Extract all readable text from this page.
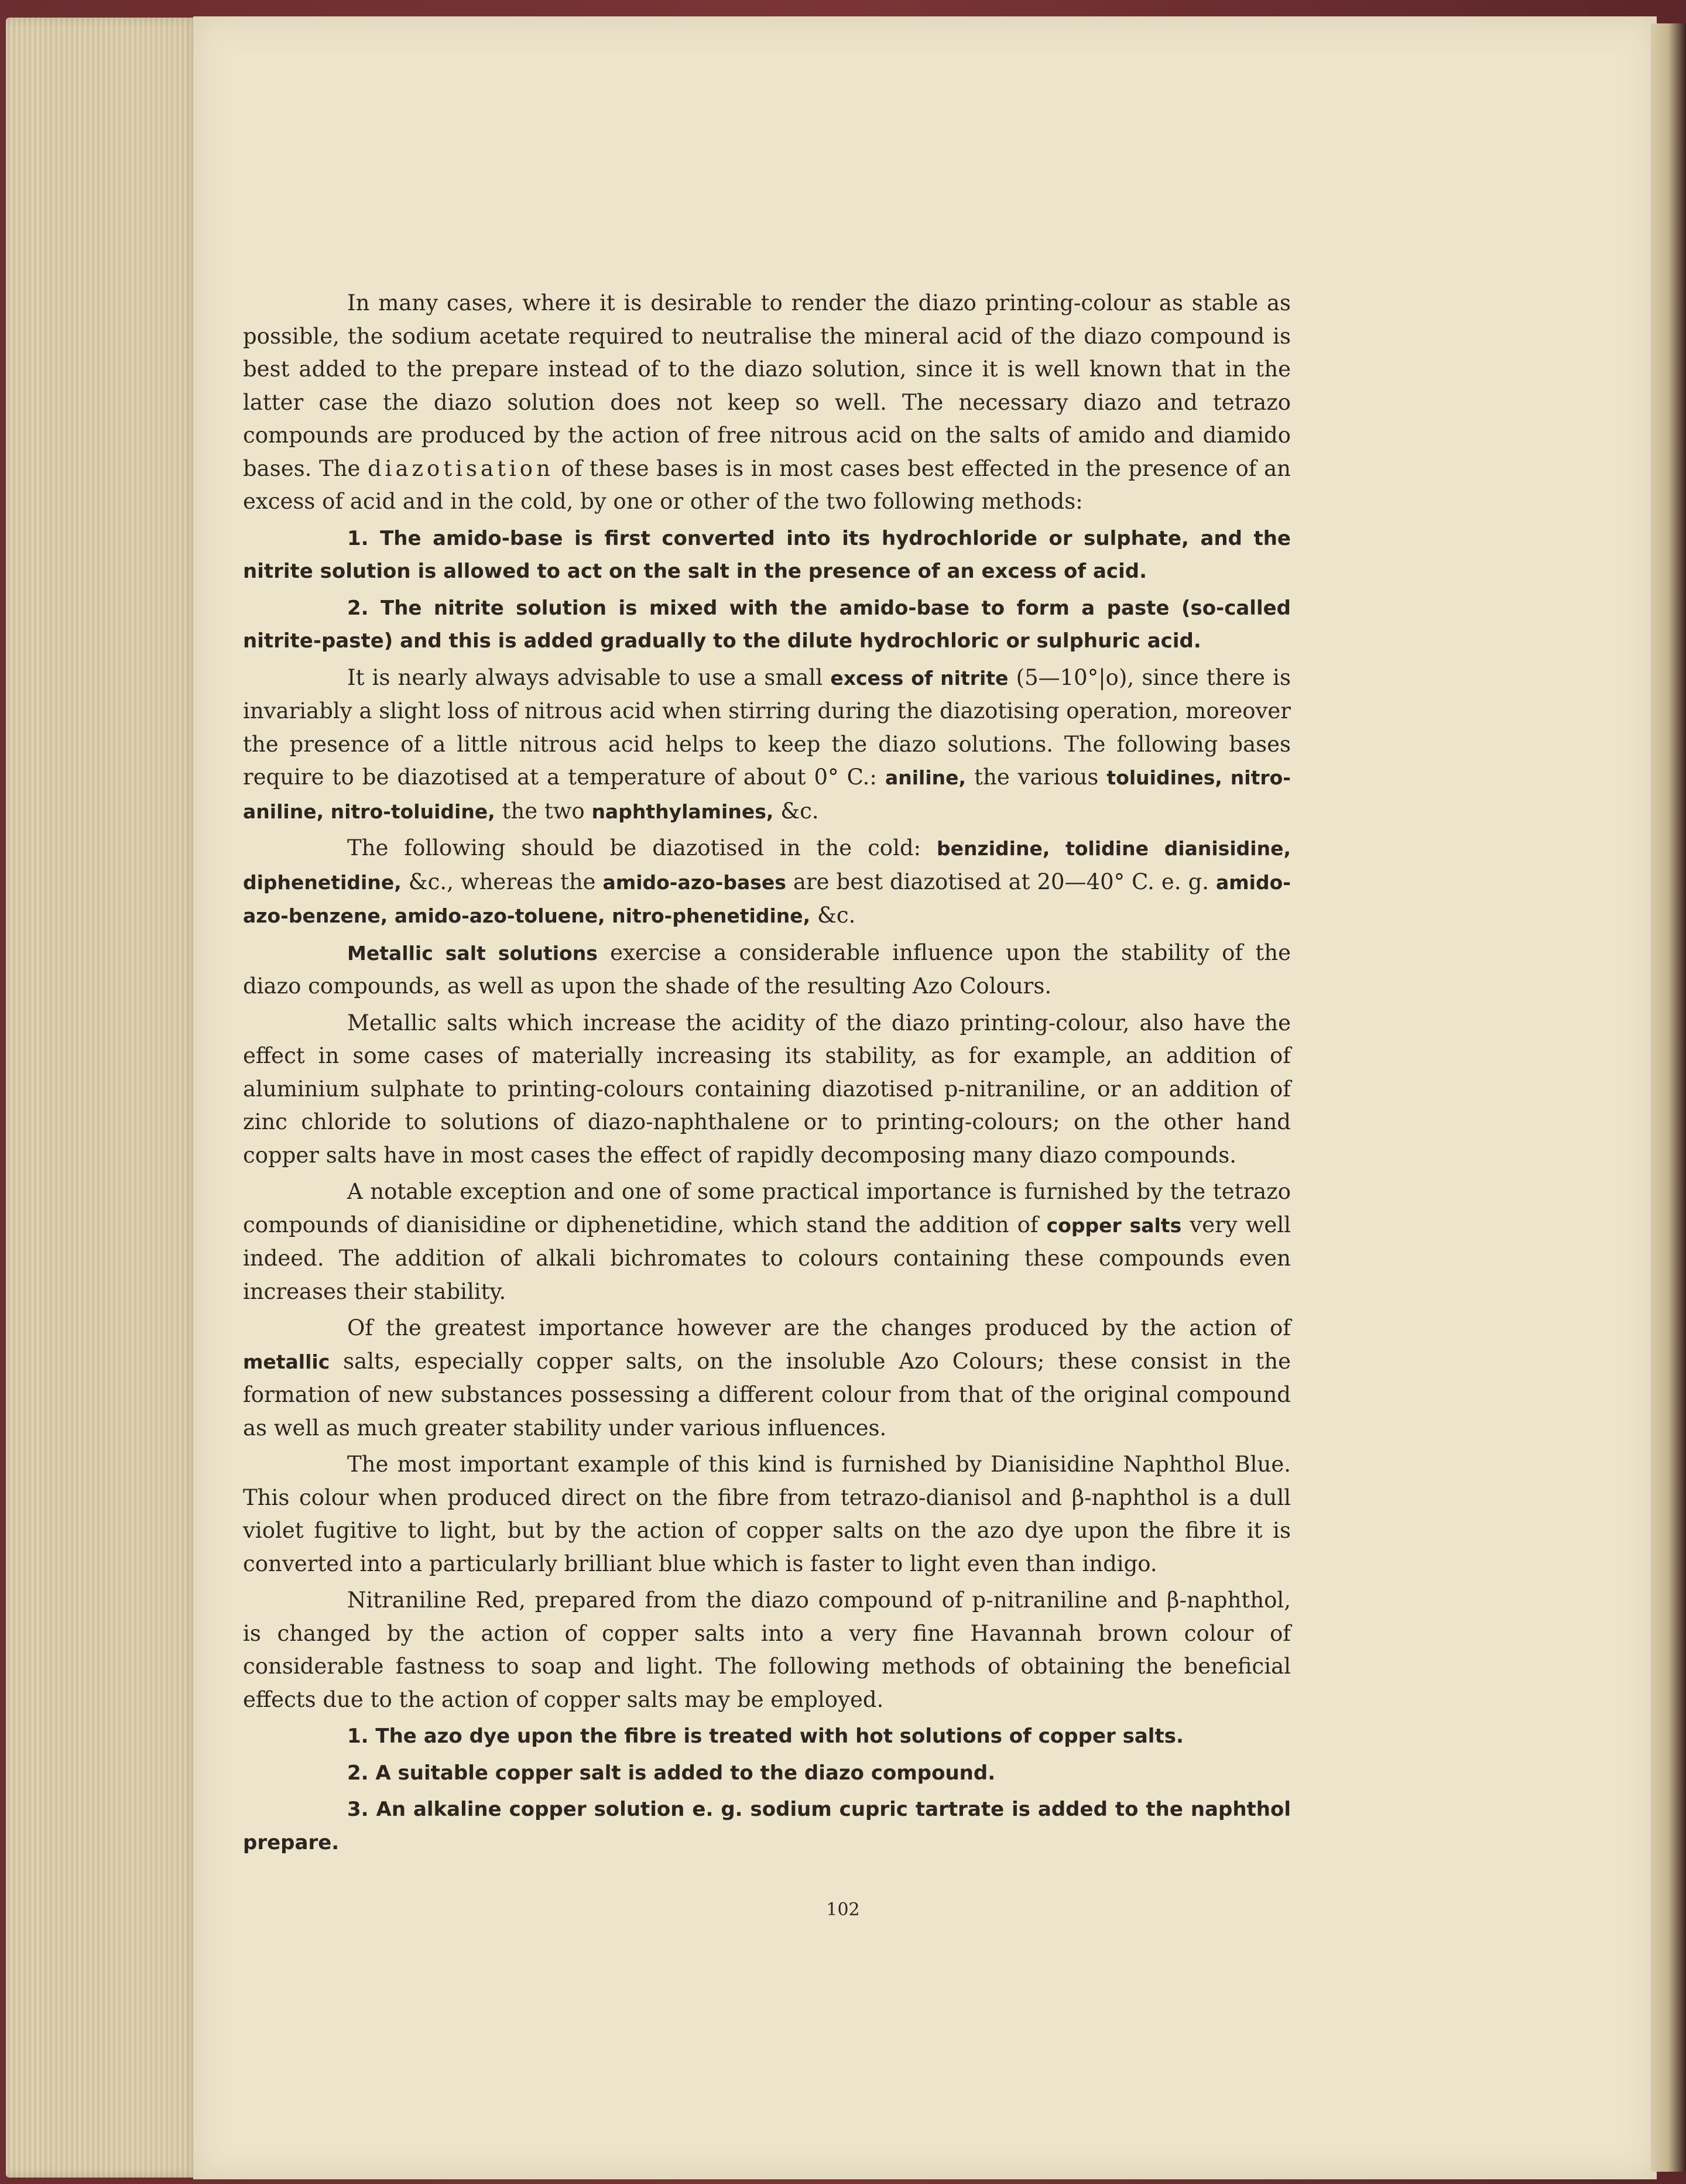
In many cases, where it is desirable to render the diazo printing-colour as stable as possible, the sodium acetate required to neutralise the mineral acid of the diazo compound is best added to the prepare instead of to the diazo solution, since it is well known that in the latter case the diazo solution does not keep so well. The necessary diazo and tetrazo compounds are produced by the action of free nitrous acid on the salts of amido and diamido bases. The diazotisation of these bases is in most cases best effected in the presence of an excess of acid and in the cold, by one or other of the two following methods:

1. The amido-base is first converted into its hydrochloride or sulphate, and the nitrite solution is allowed to act on the salt in the presence of an excess of acid.

2. The nitrite solution is mixed with the amido-base to form a paste (so-called nitrite-paste) and this is added gradually to the dilute hydrochloric or sulphuric acid.

It is nearly always advisable to use a small excess of nitrite (5—10°|o), since there is invariably a slight loss of nitrous acid when stirring during the diazotising operation, moreover the presence of a little nitrous acid helps to keep the diazo solutions. The following bases require to be diazotised at a temperature of about 0° C.: aniline, the various toluidines, nitro-aniline, nitro-toluidine, the two naphthylamines, &c.

The following should be diazotised in the cold: benzidine, tolidine dianisidine, diphenetidine, &c., whereas the amido-azo-bases are best diazotised at 20—40° C. e. g. amido-azo-benzene, amido-azo-toluene, nitro-phenetidine, &c.

Metallic salt solutions exercise a considerable influence upon the stability of the diazo compounds, as well as upon the shade of the resulting Azo Colours.

Metallic salts which increase the acidity of the diazo printing-colour, also have the effect in some cases of materially increasing its stability, as for example, an addition of aluminium sulphate to printing-colours containing diazotised p-nitraniline, or an addition of zinc chloride to solutions of diazo-naphthalene or to printing-colours; on the other hand copper salts have in most cases the effect of rapidly decomposing many diazo compounds.

A notable exception and one of some practical importance is furnished by the tetrazo compounds of dianisidine or diphenetidine, which stand the addition of copper salts very well indeed. The addition of alkali bichromates to colours containing these compounds even increases their stability.

Of the greatest importance however are the changes produced by the action of metallic salts, especially copper salts, on the insoluble Azo Colours; these consist in the formation of new substances possessing a different colour from that of the original compound as well as much greater stability under various influences.

The most important example of this kind is furnished by Dianisidine Naphthol Blue. This colour when produced direct on the fibre from tetrazo-dianisol and β-naphthol is a dull violet fugitive to light, but by the action of copper salts on the azo dye upon the fibre it is converted into a particularly brilliant blue which is faster to light even than indigo.

Nitraniline Red, prepared from the diazo compound of p-nitraniline and β-naphthol, is changed by the action of copper salts into a very fine Havannah brown colour of considerable fastness to soap and light. The following methods of obtaining the beneficial effects due to the action of copper salts may be employed.

1. The azo dye upon the fibre is treated with hot solutions of copper salts.

2. A suitable copper salt is added to the diazo compound.

3. An alkaline copper solution e. g. sodium cupric tartrate is added to the naphthol prepare.

102
